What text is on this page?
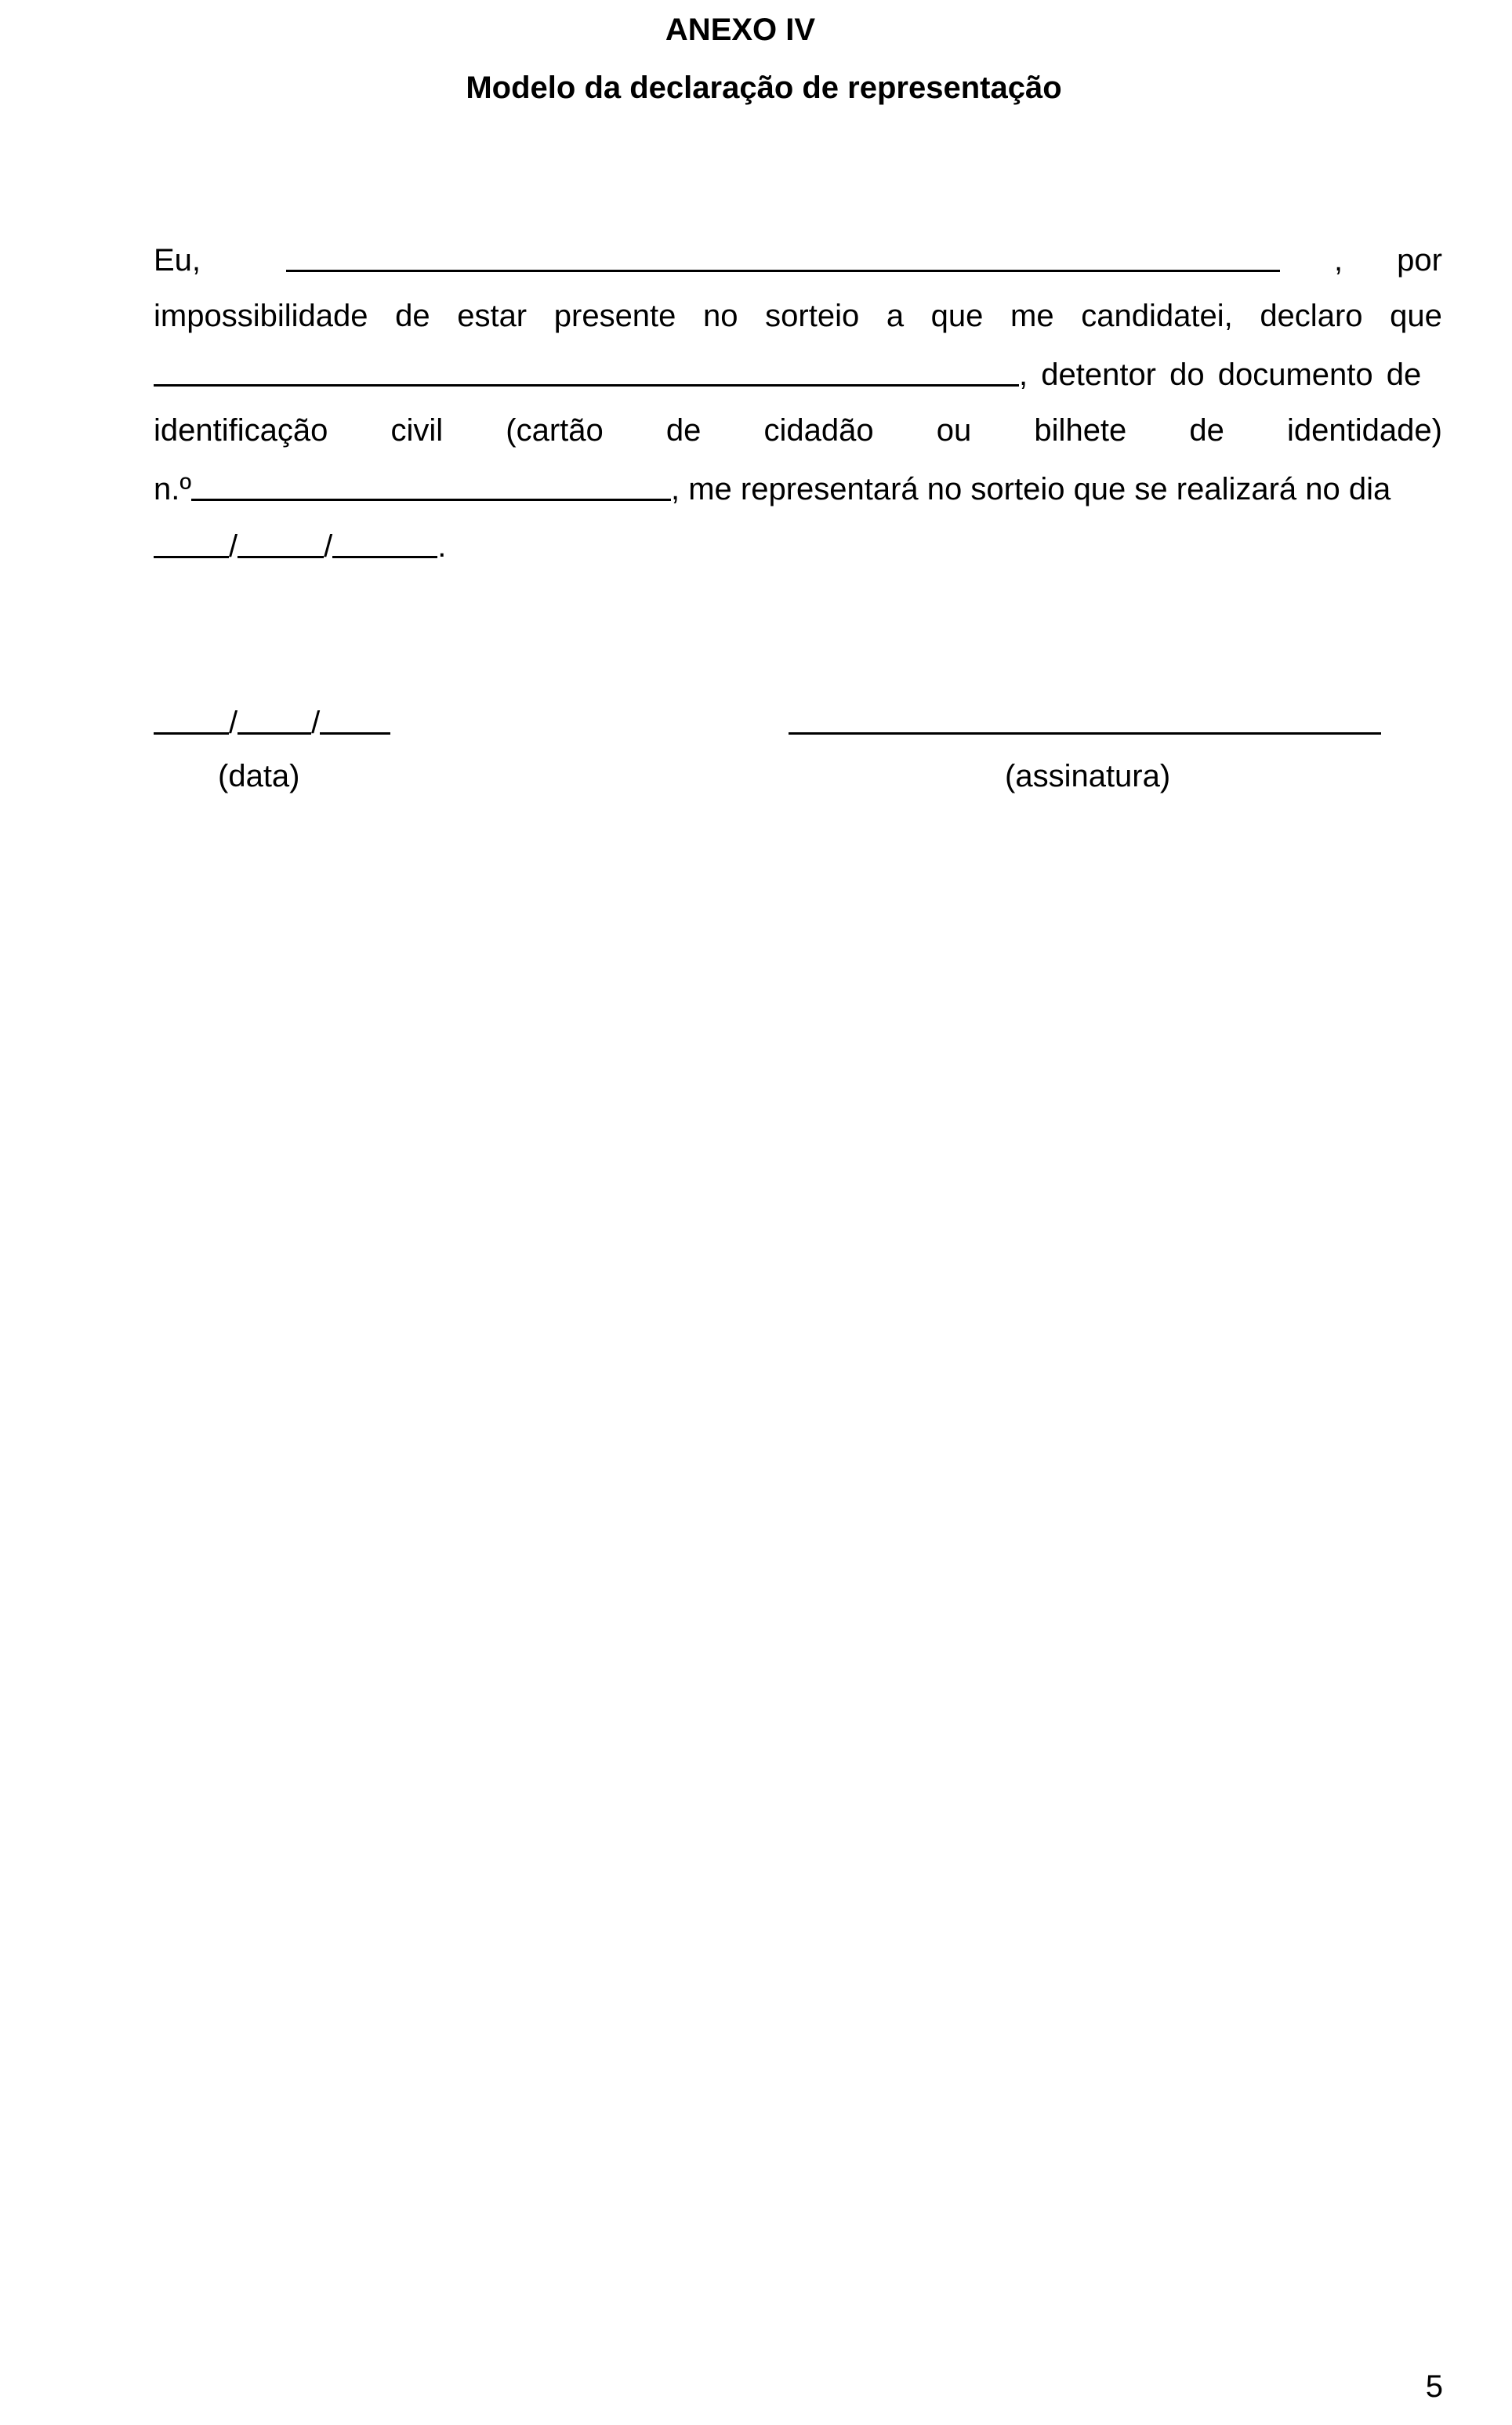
ANEXO IV
Modelo da declaração de representação
Eu,	, por
impossibilidade de estar presente no sorteio a que me candidatei, declaro que
, detentor do documento de
identificação civil (cartão de cidadão ou bilhete de identidade)
n.º	, me representará no sorteio que se realizará no dia
/	/	.
/ /
(data)	(assinatura)
5
